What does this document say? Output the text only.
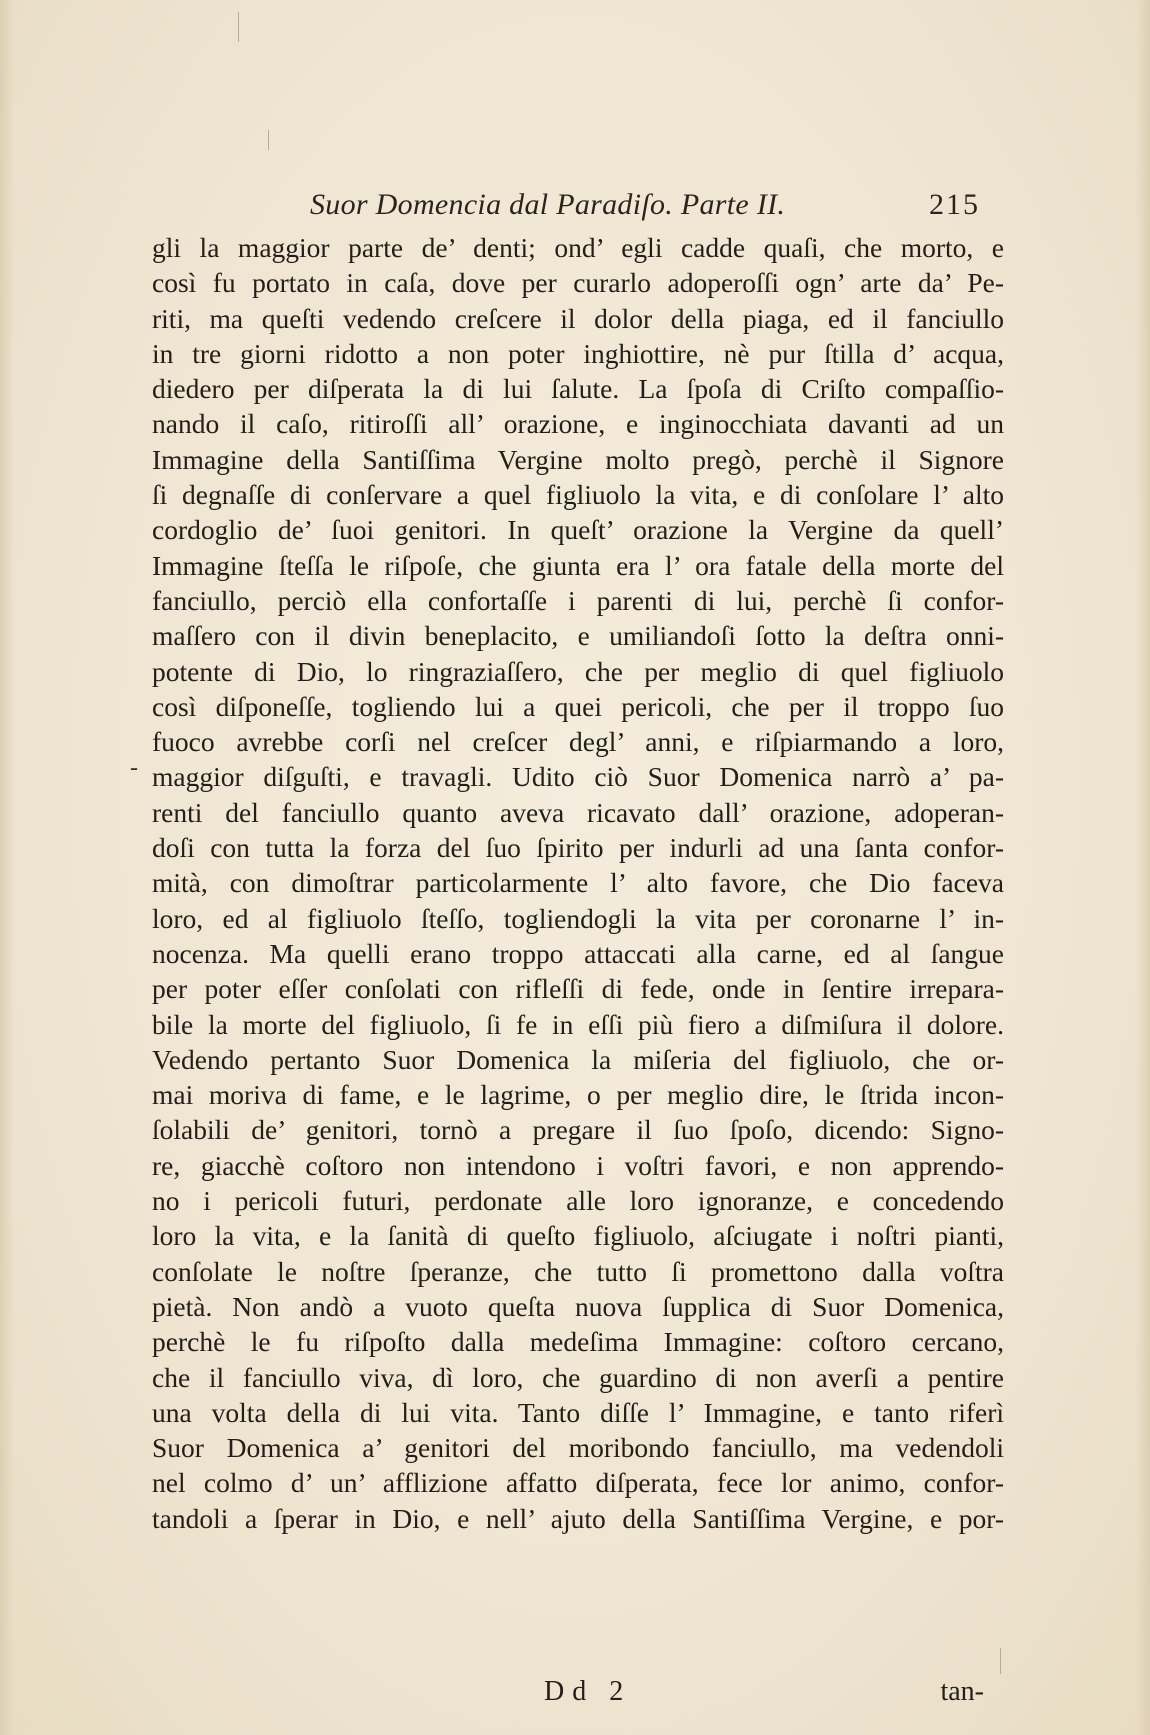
Suor Domencia dal Paradiſo. Parte II.	215
-
gli la maggior parte de’ denti; ond’ egli cadde quaſi, che morto, e
così fu portato in caſa, dove per curarlo adoperoſſi ogn’ arte da’ Pe-
riti, ma queſti vedendo creſcere il dolor della piaga, ed il fanciullo
in tre giorni ridotto a non poter inghiottire, nè pur ſtilla d’ acqua,
diedero per diſperata la di lui ſalute. La ſpoſa di Criſto compaſſio-
nando il caſo, ritiroſſi all’ orazione, e inginocchiata davanti ad un
Immagine della Santiſſima Vergine molto pregò, perchè il Signore
ſi degnaſſe di conſervare a quel figliuolo la vita, e di conſolare l’ alto
cordoglio de’ ſuoi genitori. In queſt’ orazione la Vergine da quell’
Immagine ſteſſa le riſpoſe, che giunta era l’ ora fatale della morte del
fanciullo, perciò ella confortaſſe i parenti di lui, perchè ſi confor-
maſſero con il divin beneplacito, e umiliandoſi ſotto la deſtra onni-
potente di Dio, lo ringraziaſſero, che per meglio di quel figliuolo
così diſponeſſe, togliendo lui a quei pericoli, che per il troppo ſuo
fuoco avrebbe corſi nel creſcer degl’ anni, e riſpiarmando a loro,
maggior diſguſti, e travagli. Udito ciò Suor Domenica narrò a’ pa-
renti del fanciullo quanto aveva ricavato dall’ orazione, adoperan-
doſi con tutta la forza del ſuo ſpirito per indurli ad una ſanta confor-
mità, con dimoſtrar particolarmente l’ alto favore, che Dio faceva
loro, ed al figliuolo ſteſſo, togliendogli la vita per coronarne l’ in-
nocenza. Ma quelli erano troppo attaccati alla carne, ed al ſangue
per poter eſſer conſolati con rifleſſi di fede, onde in ſentire irrepara-
bile la morte del figliuolo, ſi fe in eſſi più fiero a diſmiſura il dolore.
Vedendo pertanto Suor Domenica la miſeria del figliuolo, che or-
mai moriva di fame, e le lagrime, o per meglio dire, le ſtrida incon-
ſolabili de’ genitori, tornò a pregare il ſuo ſpoſo, dicendo: Signo-
re, giacchè coſtoro non intendono i voſtri favori, e non apprendo-
no i pericoli futuri, perdonate alle loro ignoranze, e concedendo
loro la vita, e la ſanità di queſto figliuolo, aſciugate i noſtri pianti,
conſolate le noſtre ſperanze, che tutto ſi promettono dalla voſtra
pietà. Non andò a vuoto queſta nuova ſupplica di Suor Domenica,
perchè le fu riſpoſto dalla medeſima Immagine: coſtoro cercano,
che il fanciullo viva, dì loro, che guardino di non averſi a pentire
una volta della di lui vita. Tanto diſſe l’ Immagine, e tanto riferì
Suor Domenica a’ genitori del moribondo fanciullo, ma vedendoli
nel colmo d’ un’ afflizione affatto diſperata, fece lor animo, confor-
tandoli a ſperar in Dio, e nell’ ajuto della Santiſſima Vergine, e por-
Dd 2	tan-
